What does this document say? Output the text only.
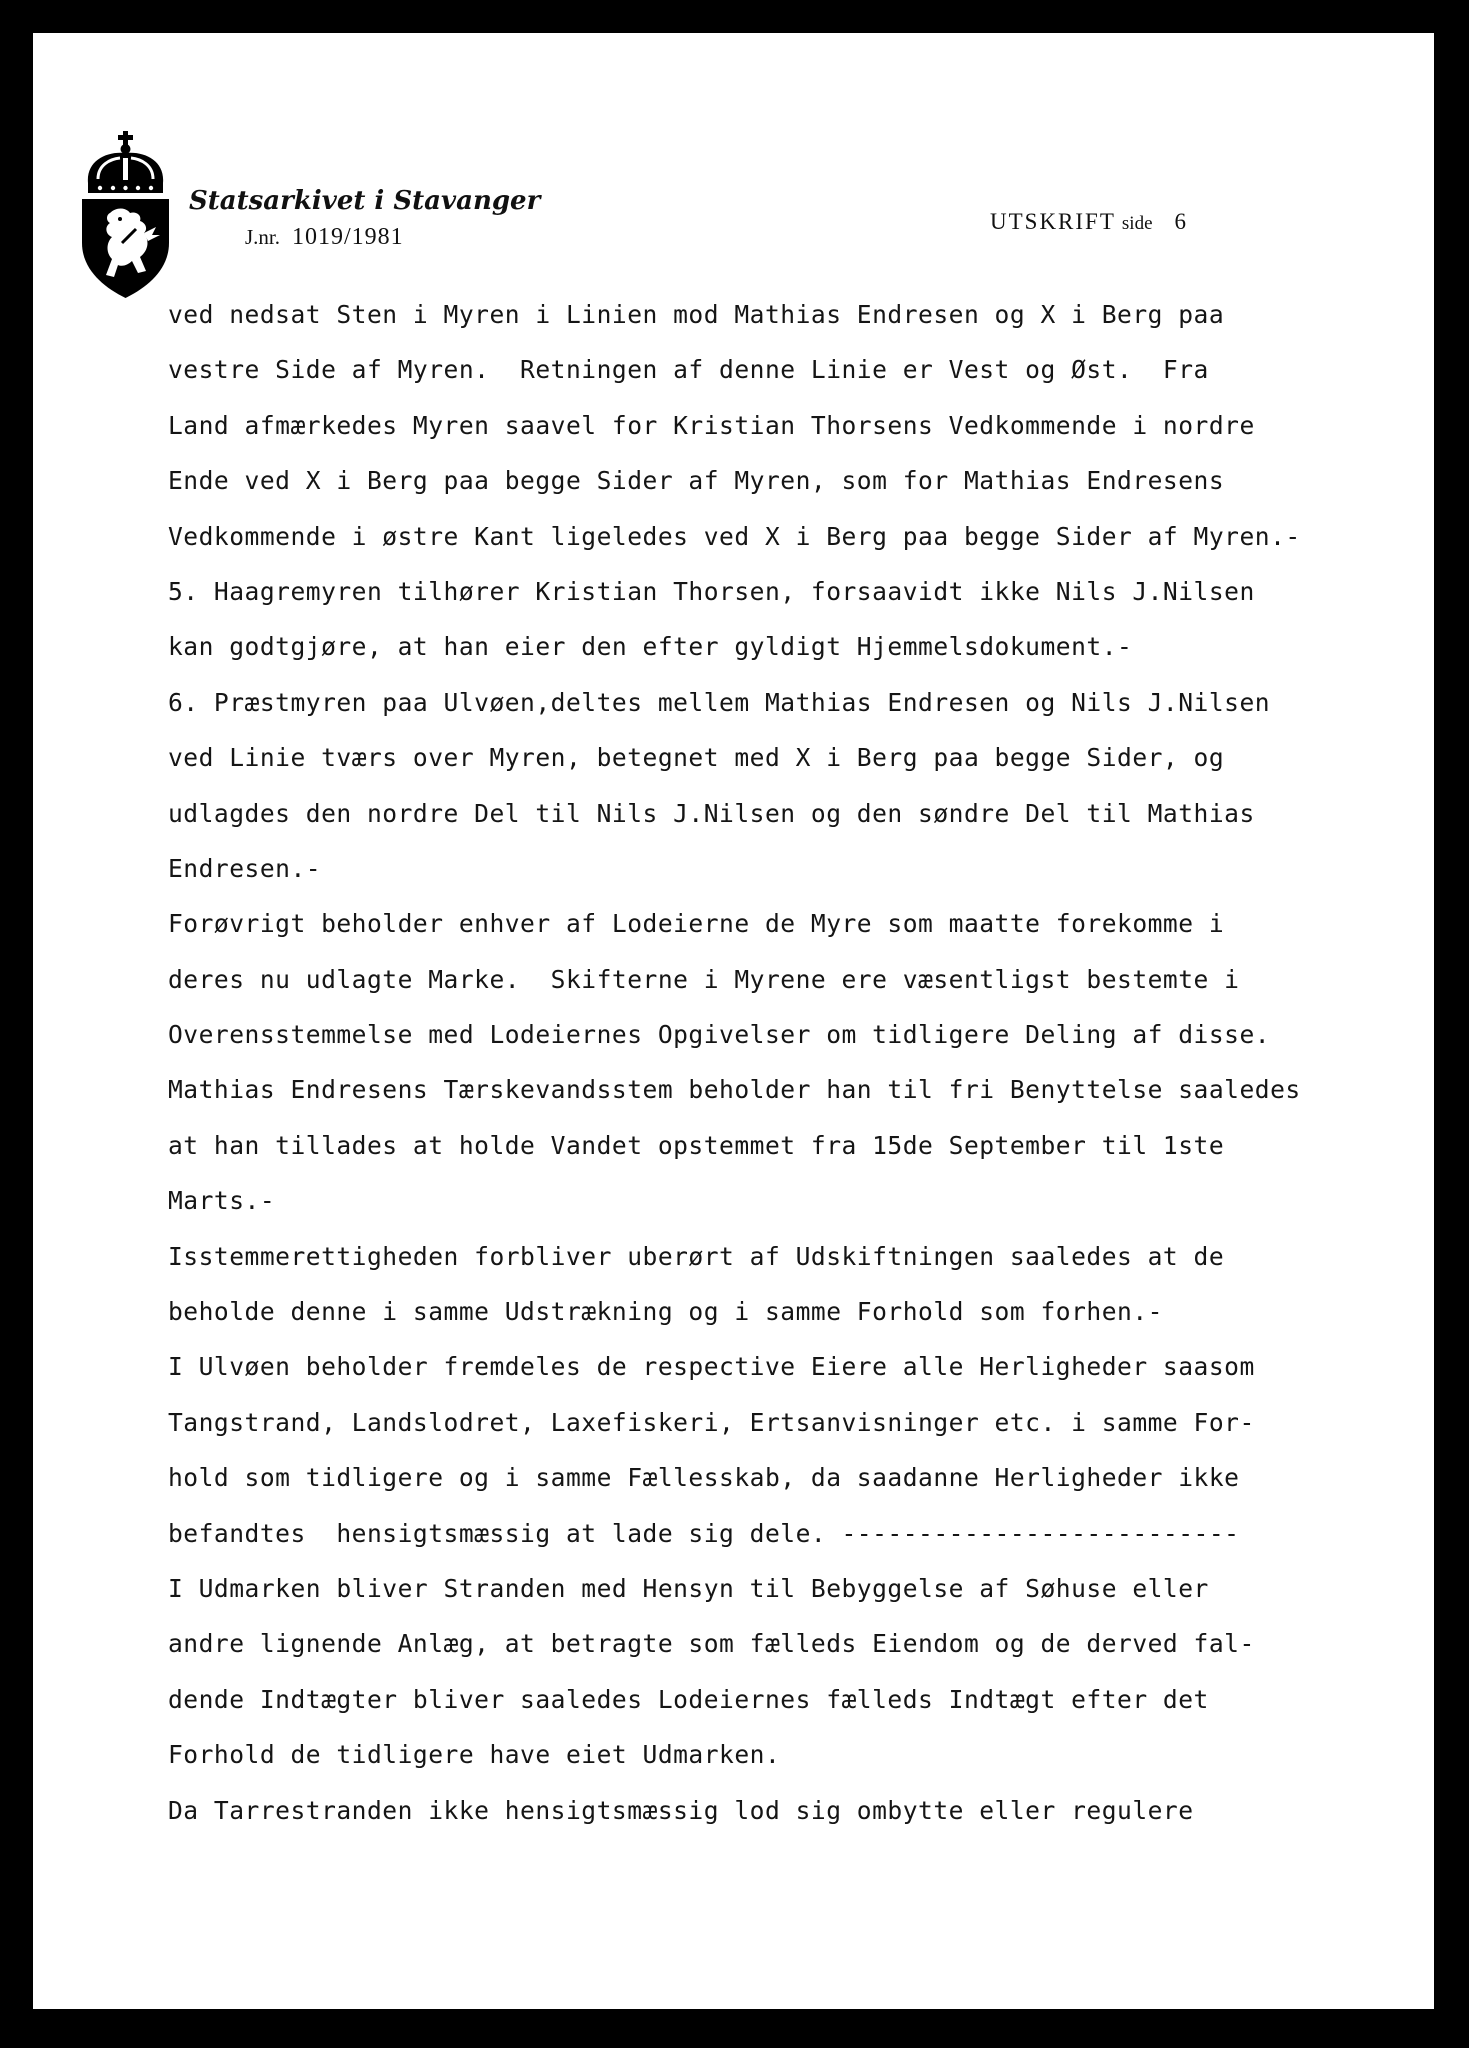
Statsarkivet i Stavanger
J.nr. 1019/1981
UTSKRIFT side 6
ved nedsat Sten i Myren i Linien mod Mathias Endresen og X i Berg paa
vestre Side af Myren.  Retningen af denne Linie er Vest og Øst.  Fra
Land afmærkedes Myren saavel for Kristian Thorsens Vedkommende i nordre
Ende ved X i Berg paa begge Sider af Myren, som for Mathias Endresens
Vedkommende i østre Kant ligeledes ved X i Berg paa begge Sider af Myren.-
5. Haagremyren tilhører Kristian Thorsen, forsaavidt ikke Nils J.Nilsen
kan godtgjøre, at han eier den efter gyldigt Hjemmelsdokument.-
6. Præstmyren paa Ulvøen,deltes mellem Mathias Endresen og Nils J.Nilsen
ved Linie tværs over Myren, betegnet med X i Berg paa begge Sider, og
udlagdes den nordre Del til Nils J.Nilsen og den søndre Del til Mathias
Endresen.-
Forøvrigt beholder enhver af Lodeierne de Myre som maatte forekomme i
deres nu udlagte Marke.  Skifterne i Myrene ere væsentligst bestemte i
Overensstemmelse med Lodeiernes Opgivelser om tidligere Deling af disse.
Mathias Endresens Tærskevandsstem beholder han til fri Benyttelse saaledes
at han tillades at holde Vandet opstemmet fra 15de September til 1ste
Marts.-
Isstemmerettigheden forbliver uberørt af Udskiftningen saaledes at de
beholde denne i samme Udstrækning og i samme Forhold som forhen.-
I Ulvøen beholder fremdeles de respective Eiere alle Herligheder saasom
Tangstrand, Landslodret, Laxefiskeri, Ertsanvisninger etc. i samme For-
hold som tidligere og i samme Fællesskab, da saadanne Herligheder ikke
befandtes  hensigtsmæssig at lade sig dele. --------------------------
I Udmarken bliver Stranden med Hensyn til Bebyggelse af Søhuse eller
andre lignende Anlæg, at betragte som fælleds Eiendom og de derved fal-
dende Indtægter bliver saaledes Lodeiernes fælleds Indtægt efter det
Forhold de tidligere have eiet Udmarken.
Da Tarrestranden ikke hensigtsmæssig lod sig ombytte eller regulere
